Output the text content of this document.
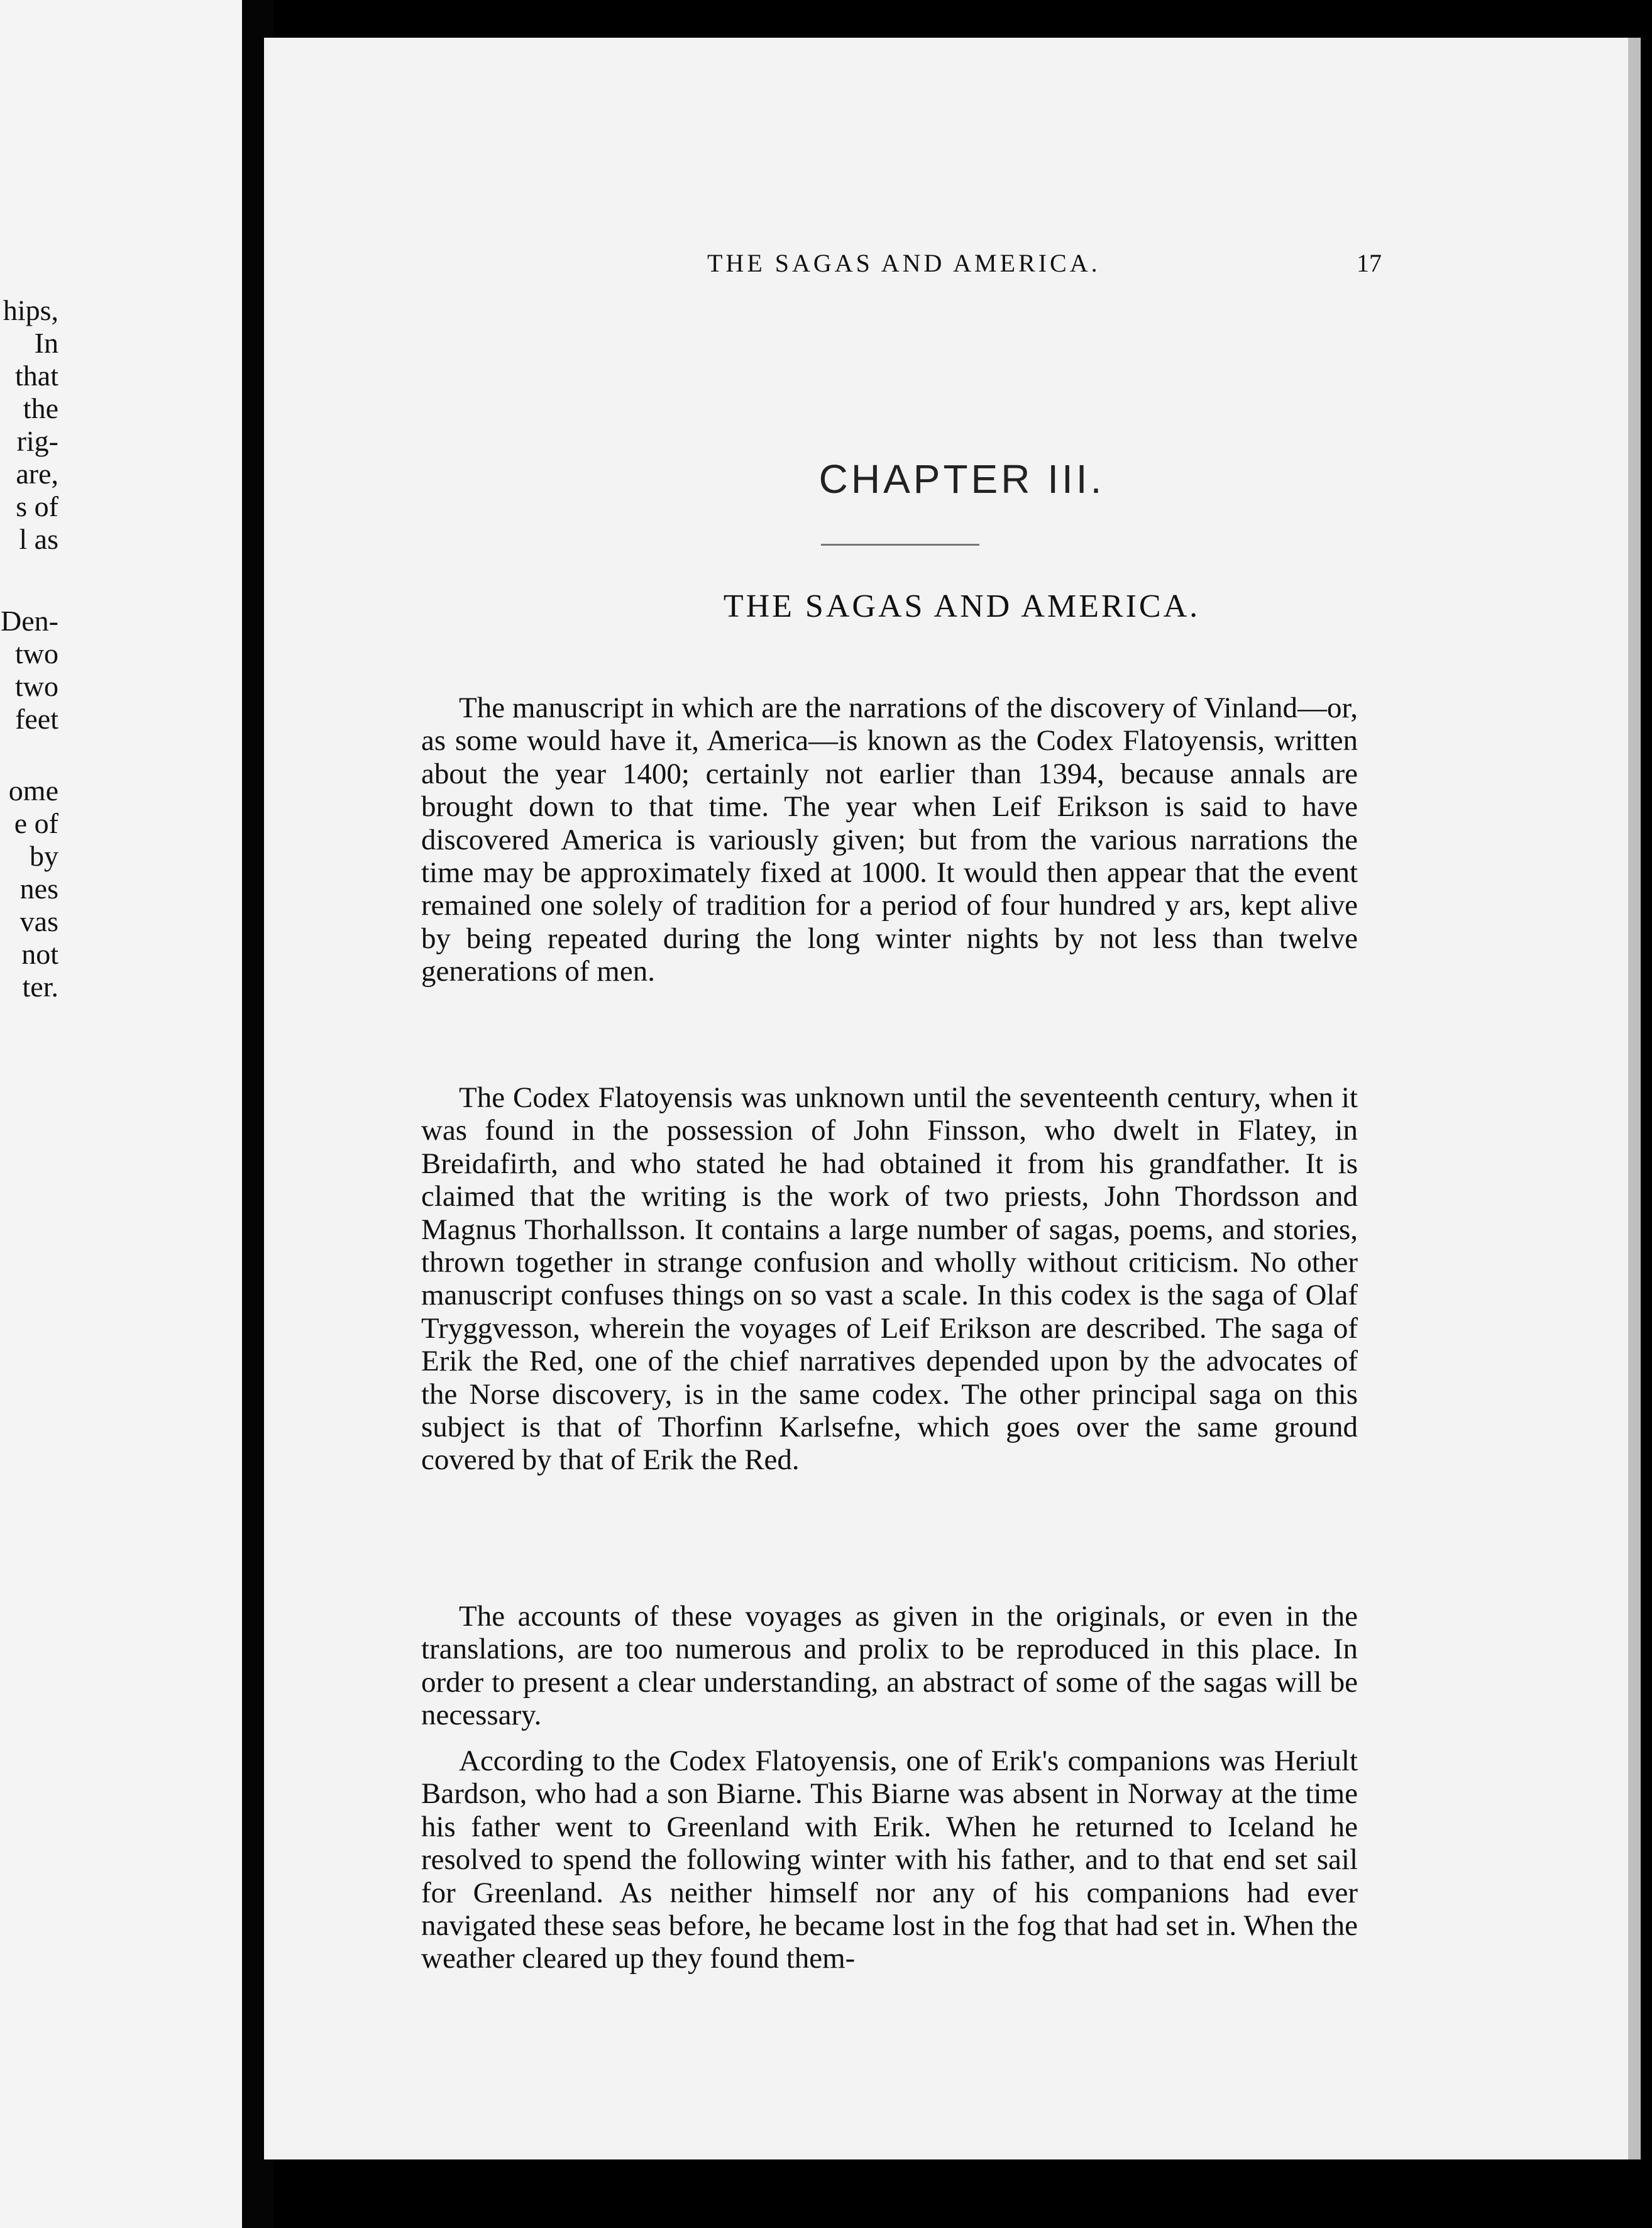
hips,
In
that
the
rig-
are,
s of
l as
Den-
two
two
feet
ome
e of
by
nes
vas
not
ter.
THE SAGAS AND AMERICA.	17
CHAPTER III.
THE SAGAS AND AMERICA.
The manuscript in which are the narrations of the discovery of Vinland—or, as some would have it, America—is known as the Codex Flatoyensis, written about the year 1400; certainly not earlier than 1394, because annals are brought down to that time. The year when Leif Erikson is said to have discovered America is variously given; but from the various narrations the time may be approximately fixed at 1000. It would then appear that the event remained one solely of tradition for a period of four hundred y ars, kept alive by being repeated during the long winter nights by not less than twelve generations of men.
The Codex Flatoyensis was unknown until the seventeenth century, when it was found in the possession of John Finsson, who dwelt in Flatey, in Breidafirth, and who stated he had obtained it from his grandfather. It is claimed that the writing is the work of two priests, John Thordsson and Magnus Thorhallsson. It contains a large number of sagas, poems, and stories, thrown together in strange confusion and wholly without criticism. No other manuscript confuses things on so vast a scale. In this codex is the saga of Olaf Tryggvesson, wherein the voyages of Leif Erikson are described. The saga of Erik the Red, one of the chief narratives depended upon by the advocates of the Norse discovery, is in the same codex. The other principal saga on this subject is that of Thorfinn Karlsefne, which goes over the same ground covered by that of Erik the Red.
The accounts of these voyages as given in the originals, or even in the translations, are too numerous and prolix to be reproduced in this place. In order to present a clear understanding, an abstract of some of the sagas will be necessary.
According to the Codex Flatoyensis, one of Erik's companions was Heriult Bardson, who had a son Biarne. This Biarne was absent in Norway at the time his father went to Greenland with Erik. When he returned to Iceland he resolved to spend the following winter with his father, and to that end set sail for Greenland. As neither himself nor any of his companions had ever navigated these seas before, he became lost in the fog that had set in. When the weather cleared up they found them-
